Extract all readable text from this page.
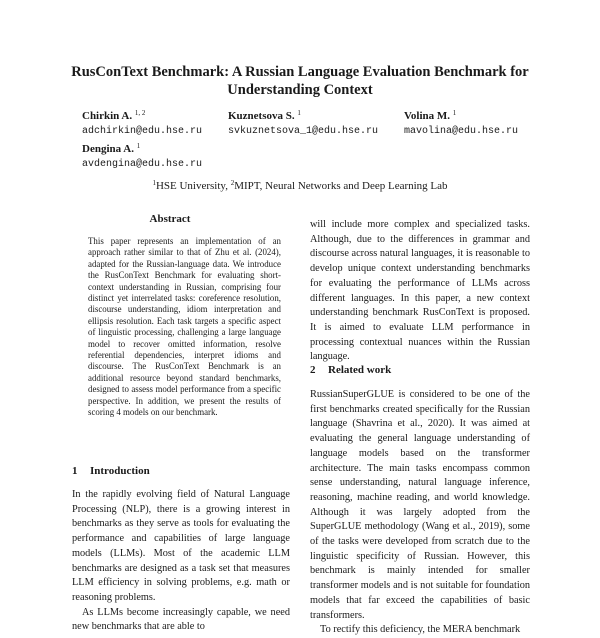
RusConText Benchmark: A Russian Language Evaluation Benchmark for
Understanding Context
Chirkin A. $^{1, 2}$
adchirkin@edu.hse.ru
Kuznetsova S. $^1$
svkuznetsova_1@edu.hse.ru
Volina M. $^1$
mavolina@edu.hse.ru
Dengina A. $^1$
avdengina@edu.hse.ru
$^1$HSE University, $^2$MIPT, Neural Networks and Deep Learning Lab
Abstract
This paper represents an implementation of an approach rather similar to that of Zhu et al. (2024), adapted for the Russian-language data. We introduce the RusConText Benchmark for evaluating short-context understanding in Russian, comprising four distinct yet interrelated tasks: coreference resolution, discourse understanding, idiom interpretation and ellipsis resolution. Each task targets a specific aspect of linguistic processing, challenging a large language model to recover omitted information, resolve referential dependencies, interpret idioms and discourse. The RusConText Benchmark is an additional resource beyond standard benchmarks, designed to assess model performance from a specific perspective. In addition, we present the results of scoring 4 models on our benchmark.
1 Introduction

In the rapidly evolving field of Natural Language Processing (NLP), there is a growing interest in benchmarks as they serve as tools for evaluating the performance and capabilities of large language models (LLMs). Most of the academic LLM benchmarks are designed as a task set that measures LLM efficiency in solving problems, e.g. math or reasoning problems.

As LLMs become increasingly capable, we need new benchmarks that are able to

will include more complex and specialized tasks. Although, due to the differences in grammar and discourse across natural languages, it is reasonable to develop unique context understanding benchmarks for evaluating the performance of LLMs across different languages. In this paper, a new context understanding benchmark RusConText is proposed. It is aimed to evaluate LLM performance in processing contextual nuances within the Russian language.

2 Related work

RussianSuperGLUE is considered to be one of the first benchmarks created specifically for the Russian language (Shavrina et al., 2020). It was aimed at evaluating the general language understanding of language models based on the transformer architecture. The main tasks encompass common sense understanding, natural language inference, reasoning, machine reading, and world knowledge. Although it was largely adopted from the SuperGLUE methodology (Wang et al., 2019), some of the tasks were developed from scratch due to the linguistic specificity of Russian. However, this benchmark is mainly intended for smaller transformer models and is not suitable for foundation models that far exceed the capabilities of basic transformers.

To rectify this deficiency, the MERA benchmark
